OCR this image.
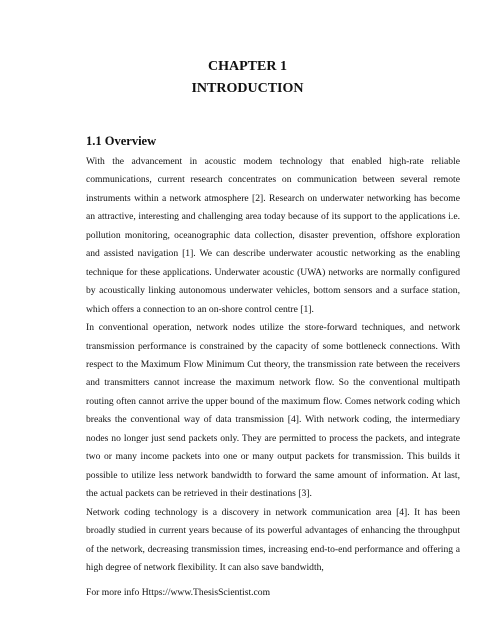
CHAPTER 1
INTRODUCTION
1.1 Overview

With the advancement in acoustic modem technology that enabled high-rate reliable communications, current research concentrates on communication between several remote instruments within a network atmosphere [2]. Research on underwater networking has become an attractive, interesting and challenging area today because of its support to the applications i.e. pollution monitoring, oceanographic data collection, disaster prevention, offshore exploration and assisted navigation [1]. We can describe underwater acoustic networking as the enabling technique for these applications. Underwater acoustic (UWA) networks are normally configured by acoustically linking autonomous underwater vehicles, bottom sensors and a surface station, which offers a connection to an on-shore control centre [1].

In conventional operation, network nodes utilize the store-forward techniques, and network transmission performance is constrained by the capacity of some bottleneck connections. With respect to the Maximum Flow Minimum Cut theory, the transmission rate between the receivers and transmitters cannot increase the maximum network flow. So the conventional multipath routing often cannot arrive the upper bound of the maximum flow. Comes network coding which breaks the conventional way of data transmission [4]. With network coding, the intermediary nodes no longer just send packets only. They are permitted to process the packets, and integrate two or many income packets into one or many output packets for transmission. This builds it possible to utilize less network bandwidth to forward the same amount of information. At last, the actual packets can be retrieved in their destinations [3].

Network coding technology is a discovery in network communication area [4]. It has been broadly studied in current years because of its powerful advantages of enhancing the throughput of the network, decreasing transmission times, increasing end-to-end performance and offering a high degree of network flexibility. It can also save bandwidth,

For more info Https://www.ThesisScientist.com
